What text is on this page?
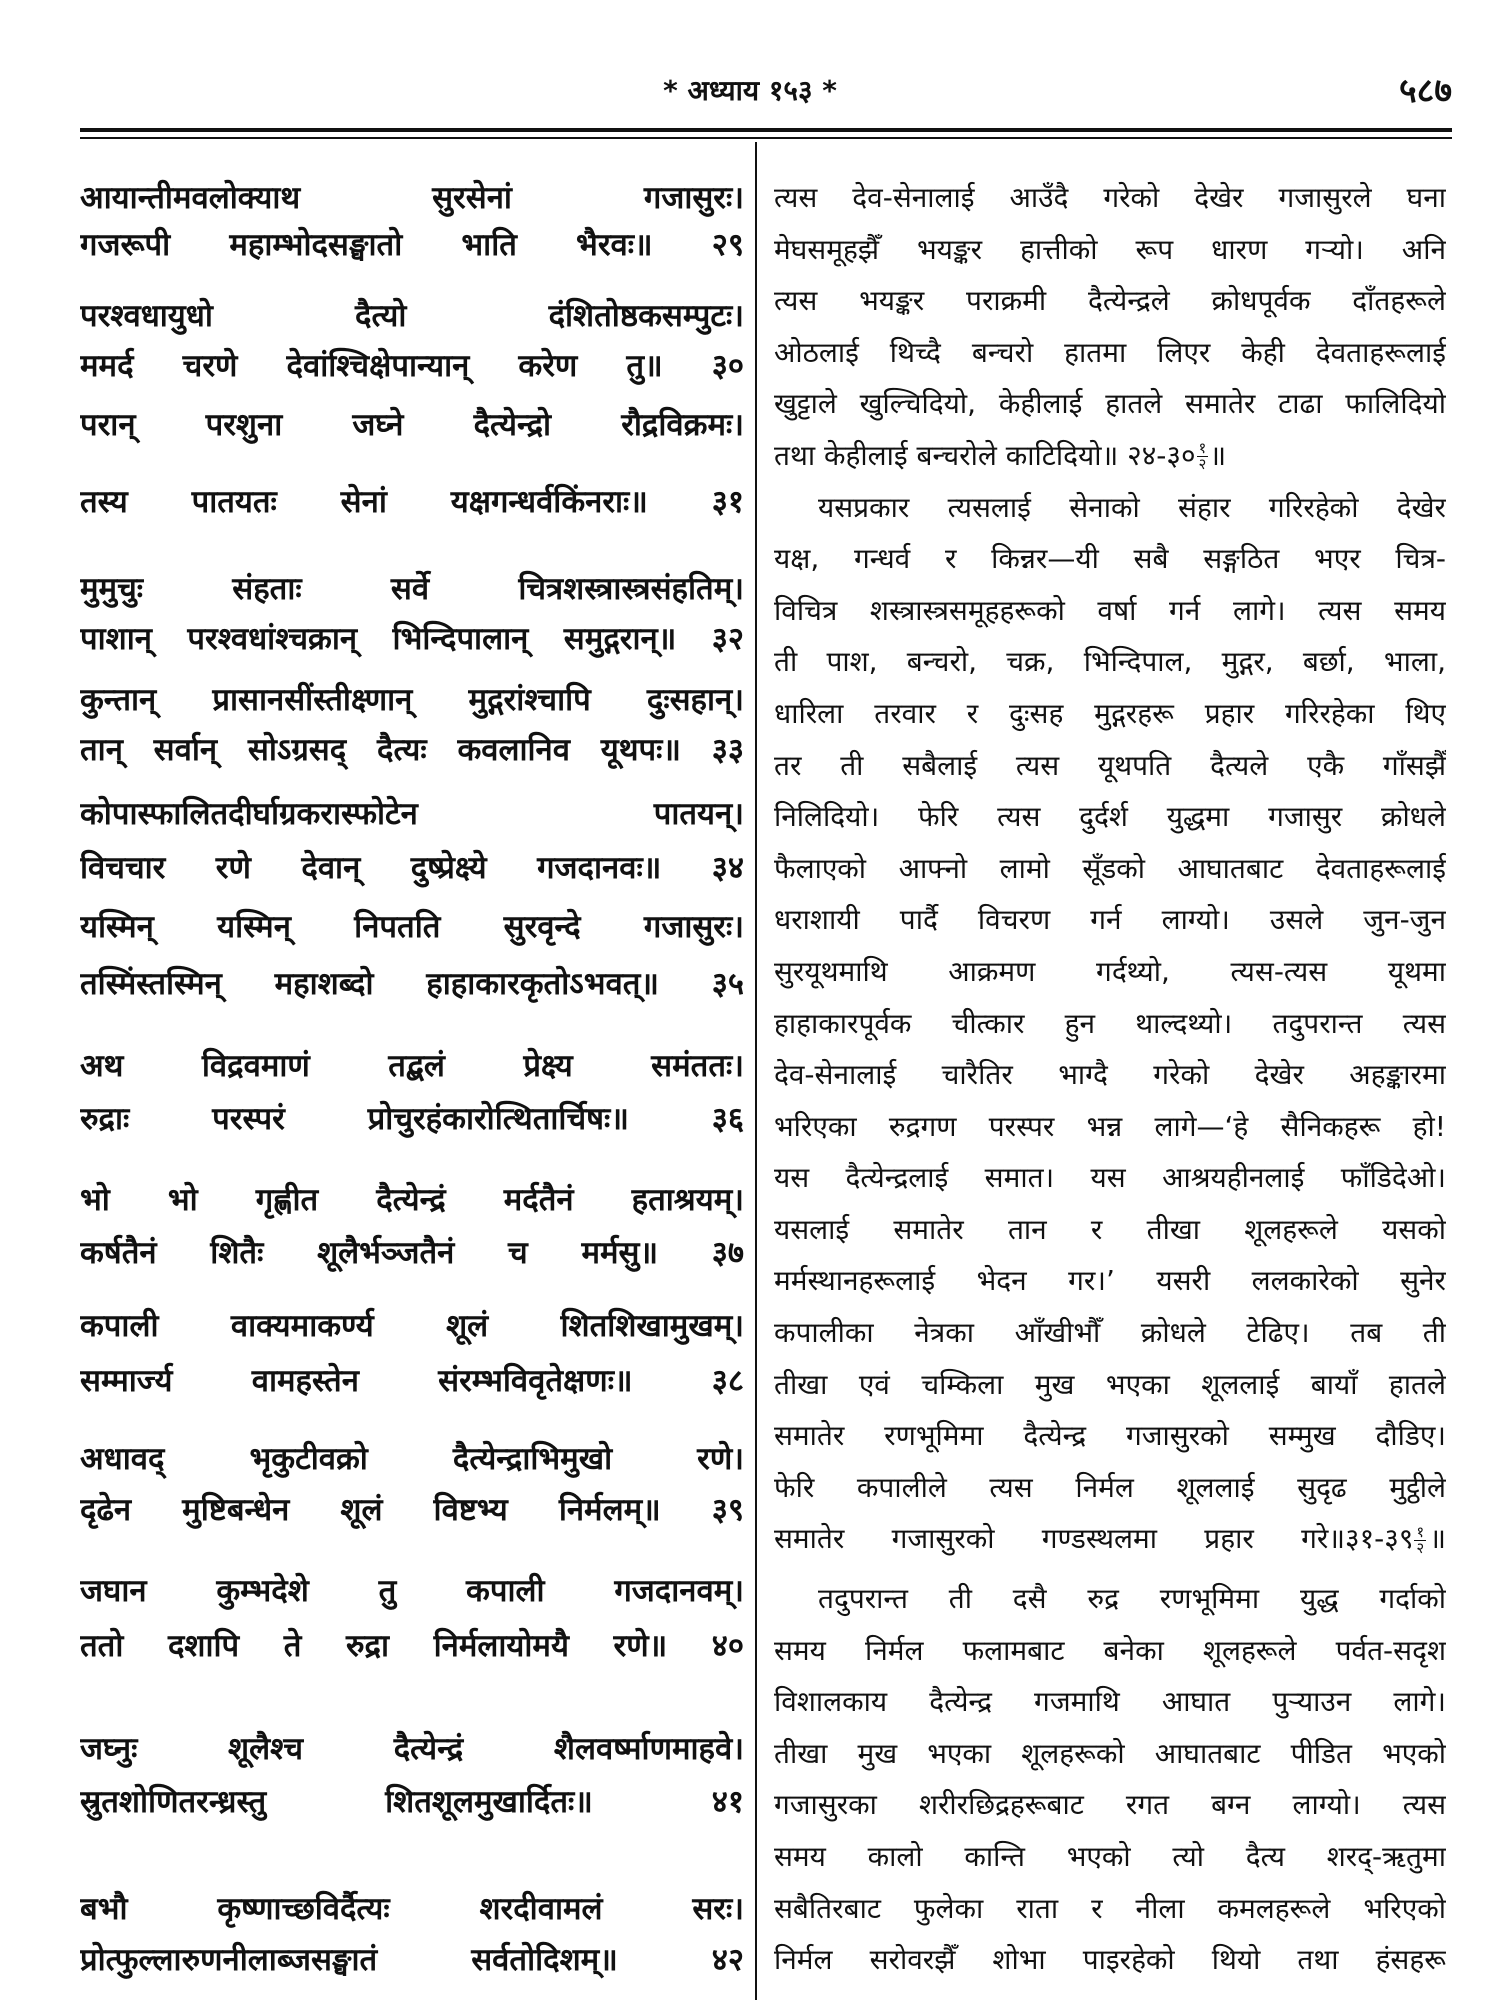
* अध्याय १५३ *	५८७
आयान्तीमवलोक्याथ सुरसेनां गजासुरः।
गजरूपी महाम्भोदसङ्घातो भाति भैरवः॥ २९
परश्वधायुधो दैत्यो दंशितोष्ठकसम्पुटः।
ममर्द चरणे देवांश्चिक्षेपान्यान् करेण तु॥ ३०
परान् परशुना जघ्ने दैत्येन्द्रो रौद्रविक्रमः।
तस्य पातयतः सेनां यक्षगन्धर्वकिंनराः॥ ३१
मुमुचुः संहताः सर्वे चित्रशस्त्रास्त्रसंहतिम्।
पाशान् परश्वधांश्चक्रान् भिन्दिपालान् समुद्गरान्॥ ३२
कुन्तान् प्रासानसींस्तीक्ष्णान् मुद्गरांश्चापि दुःसहान्।
तान् सर्वान् सोऽग्रसद् दैत्यः कवलानिव यूथपः॥ ३३
कोपास्फालितदीर्घाग्रकरास्फोटेन पातयन्।
विचचार रणे देवान् दुष्प्रेक्ष्ये गजदानवः॥ ३४
यस्मिन् यस्मिन् निपतति सुरवृन्दे गजासुरः।
तस्मिंस्तस्मिन् महाशब्दो हाहाकारकृतोऽभवत्॥ ३५
अथ विद्रवमाणं तद्बलं प्रेक्ष्य समंततः।
रुद्राः परस्परं प्रोचुरहंकारोत्थितार्चिषः॥ ३६
भो भो गृह्णीत दैत्येन्द्रं मर्दतैनं हताश्रयम्।
कर्षतैनं शितैः शूलैर्भञ्जतैनं च मर्मसु॥ ३७
कपाली वाक्यमाकर्ण्य शूलं शितशिखामुखम्।
सम्मार्ज्य वामहस्तेन संरम्भविवृतेक्षणः॥ ३८
अधावद् भृकुटीवक्रो दैत्येन्द्राभिमुखो रणे।
दृढेन मुष्टिबन्धेन शूलं विष्टभ्य निर्मलम्॥ ३९
जघान कुम्भदेशे तु कपाली गजदानवम्।
ततो दशापि ते रुद्रा निर्मलायोमयै रणे॥ ४०
जघ्नुः शूलैश्च दैत्येन्द्रं शैलवर्ष्माणमाहवे।
स्रुतशोणितरन्ध्रस्तु शितशूलमुखार्दितः॥ ४१
बभौ कृष्णाच्छविर्दैत्यः शरदीवामलं सरः।
प्रोत्फुल्लारुणनीलाब्जसङ्घातं सर्वतोदिशम्॥ ४२
त्यस देव-सेनालाई आउँदै गरेको देखेर गजासुरले घना
मेघसमूहझैँ भयङ्कर हात्तीको रूप धारण गर्‍यो। अनि
त्यस भयङ्कर पराक्रमी दैत्येन्द्रले क्रोधपूर्वक दाँतहरूले
ओठलाई थिच्दै बन्चरो हातमा लिएर केही देवताहरूलाई
खुट्टाले खुल्चिदियो, केहीलाई हातले समातेर टाढा फालिदियो
तथा केहीलाई बन्चरोले काटिदियो॥ २४-३० $\frac{१}{२}$ ॥
यसप्रकार त्यसलाई सेनाको संहार गरिरहेको देखेर
यक्ष, गन्धर्व र किन्नर—यी सबै सङ्गठित भएर चित्र-
विचित्र शस्त्रास्त्रसमूहहरूको वर्षा गर्न लागे। त्यस समय
ती पाश, बन्चरो, चक्र, भिन्दिपाल, मुद्गर, बर्छा, भाला,
धारिला तरवार र दुःसह मुद्गरहरू प्रहार गरिरहेका थिए
तर ती सबैलाई त्यस यूथपति दैत्यले एकै गाँसझैँ
निलिदियो। फेरि त्यस दुर्दर्श युद्धमा गजासुर क्रोधले
फैलाएको आफ्नो लामो सूँडको आघातबाट देवताहरूलाई
धराशायी पार्दै विचरण गर्न लाग्यो। उसले जुन-जुन
सुरयूथमाथि आक्रमण गर्दथ्यो, त्यस-त्यस यूथमा
हाहाकारपूर्वक चीत्कार हुन थाल्दथ्यो। तदुपरान्त त्यस
देव-सेनालाई चारैतिर भाग्दै गरेको देखेर अहङ्कारमा
भरिएका रुद्रगण परस्पर भन्न लागे—‘हे सैनिकहरू हो!
यस दैत्येन्द्रलाई समात। यस आश्रयहीनलाई फाँडिदेओ।
यसलाई समातेर तान र तीखा शूलहरूले यसको
मर्मस्थानहरूलाई भेदन गर।’ यसरी ललकारेको सुनेर
कपालीका नेत्रका आँखीभौँ क्रोधले टेढिए। तब ती
तीखा एवं चम्किला मुख भएका शूललाई बायाँ हातले
समातेर रणभूमिमा दैत्येन्द्र गजासुरको सम्मुख दौडिए।
फेरि कपालीले त्यस निर्मल शूललाई सुदृढ मुट्ठीले
समातेर गजासुरको गण्डस्थलमा प्रहार गरे॥३१-३९ $\frac{१}{२}$ ॥
तदुपरान्त ती दसै रुद्र रणभूमिमा युद्ध गर्दाको
समय निर्मल फलामबाट बनेका शूलहरूले पर्वत-सदृश
विशालकाय दैत्येन्द्र गजमाथि आघात पुर्‍याउन लागे।
तीखा मुख भएका शूलहरूको आघातबाट पीडित भएको
गजासुरका शरीरछिद्रहरूबाट रगत बग्न लाग्यो। त्यस
समय कालो कान्ति भएको त्यो दैत्य शरद्-ऋतुमा
सबैतिरबाट फुलेका राता र नीला कमलहरूले भरिएको
निर्मल सरोवरझैँ शोभा पाइरहेको थियो तथा हंसहरू
